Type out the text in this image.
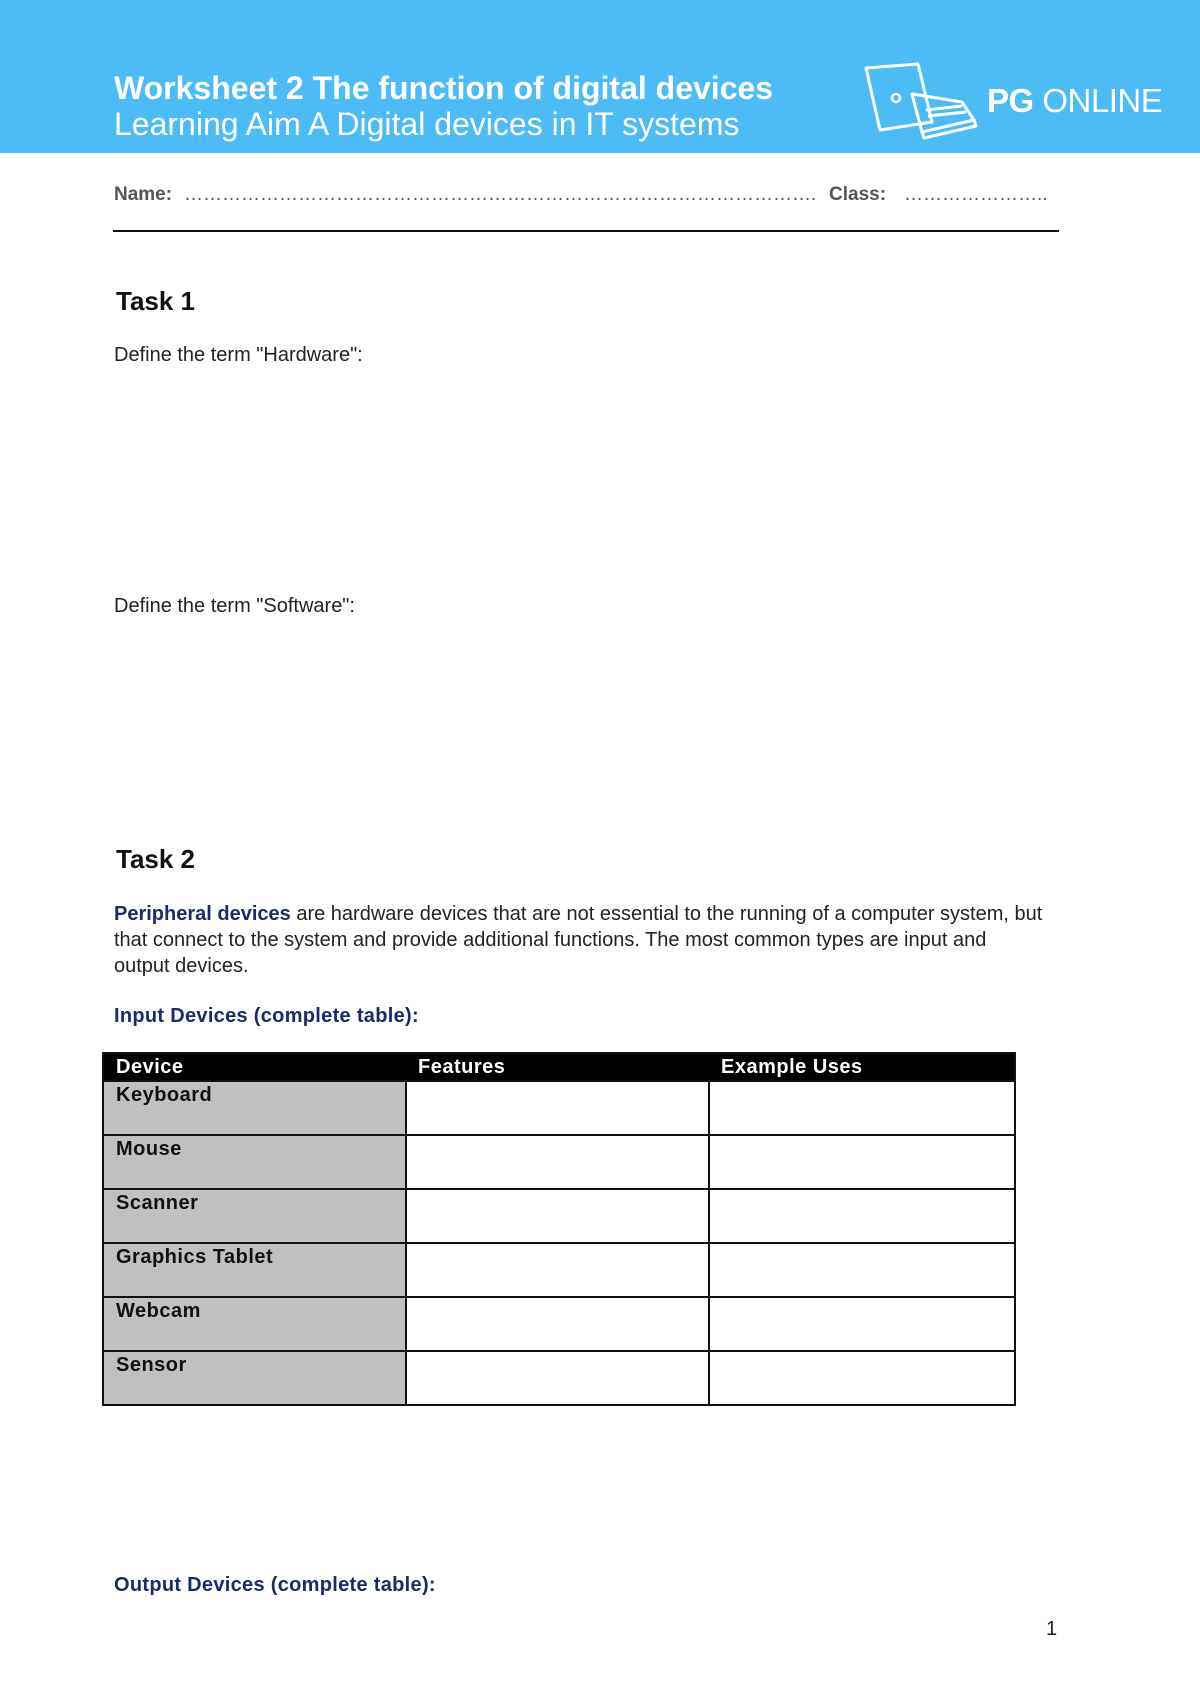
Worksheet 2 The function of digital devices
Learning Aim A Digital devices in IT systems
PG ONLINE
Name: ………………………………………………………………………………………. Class: …………………..
Task 1
Define the term "Hardware":
Define the term "Software":
Task 2
Peripheral devices are hardware devices that are not essential to the running of a computer system, but that connect to the system and provide additional functions. The most common types are input and output devices.
Input Devices (complete table):
Device	Features	Example Uses
Keyboard		
Mouse		
Scanner		
Graphics Tablet		
Webcam		
Sensor		
Output Devices (complete table):
1
